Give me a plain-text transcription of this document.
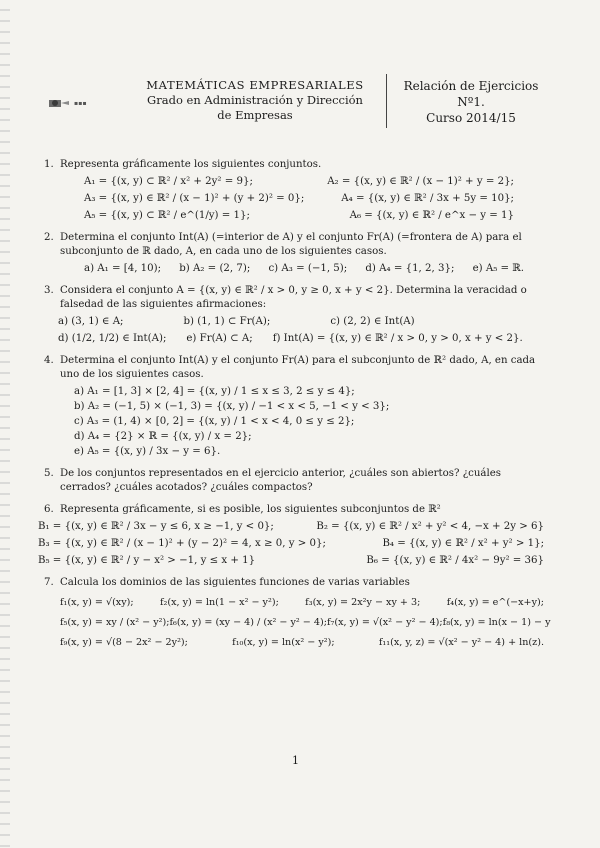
▪▪▪
MATEMÁTICAS EMPRESARIALES
Grado en Administración y Dirección de Empresas
Relación de Ejercicios
Nº1.
Curso 2014/15
1. Representa gráficamente los siguientes conjuntos.
A₁ = {(x, y) ⊂ ℝ² / x² + 2y² = 9};	A₂ = {(x, y) ∈ ℝ² / (x − 1)² + y = 2};
A₃ = {(x, y) ∈ ℝ² / (x − 1)² + (y + 2)² = 0};	A₄ = {(x, y) ∈ ℝ² / 3x + 5y = 10};
A₅ = {(x, y) ⊂ ℝ² / e^(1/y) = 1};	A₆ = {(x, y) ∈ ℝ² / e^x − y = 1}
2. Determina el conjunto Int(A) (=interior de A) y el conjunto Fr(A) (=frontera de A) para el subconjunto de ℝ dado, A, en cada uno de los siguientes casos.
a) A₁ = [4, 10); b) A₂ = (2, 7); c) A₃ = (−1, 5); d) A₄ = {1, 2, 3}; e) A₅ = ℝ.
3. Considera el conjunto A = {(x, y) ∈ ℝ² / x > 0, y ≥ 0, x + y < 2}. Determina la veracidad o falsedad de las siguientes afirmaciones:
a) (3, 1) ∈ A;	b) (1, 1) ⊂ Fr(A);	c) (2, 2) ∈ Int(A)
d) (1/2, 1/2) ∈ Int(A); e) Fr(A) ⊂ A; f) Int(A) = {(x, y) ∈ ℝ² / x > 0, y > 0, x + y < 2}.
4. Determina el conjunto Int(A) y el conjunto Fr(A) para el subconjunto de ℝ² dado, A, en cada uno de los siguientes casos.
a) A₁ = [1, 3] × [2, 4] = {(x, y) / 1 ≤ x ≤ 3, 2 ≤ y ≤ 4};
b) A₂ = (−1, 5) × (−1, 3) = {(x, y) / −1 < x < 5, −1 < y < 3};
c) A₃ = (1, 4) × [0, 2] = {(x, y) / 1 < x < 4, 0 ≤ y ≤ 2};
d) A₄ = {2} × ℝ = {(x, y) / x = 2};
e) A₅ = {(x, y) / 3x − y = 6}.
5. De los conjuntos representados en el ejercicio anterior, ¿cuáles son abiertos? ¿cuáles cerrados? ¿cuáles acotados? ¿cuáles compactos?
6. Representa gráficamente, si es posible, los siguientes subconjuntos de ℝ²
B₁ = {(x, y) ∈ ℝ² / 3x − y ≤ 6, x ≥ −1, y < 0};	B₂ = {(x, y) ∈ ℝ² / x² + y² < 4, −x + 2y > 6}
B₃ = {(x, y) ∈ ℝ² / (x − 1)² + (y − 2)² = 4, x ≥ 0, y > 0};	B₄ = {(x, y) ∈ ℝ² / x² + y² > 1};
B₅ = {(x, y) ∈ ℝ² / y − x² > −1, y ≤ x + 1}	B₆ = {(x, y) ∈ ℝ² / 4x² − 9y² = 36}
7. Calcula los dominios de las siguientes funciones de varias variables
f₁(x, y) = √(xy);	f₂(x, y) = ln(1 − x² − y²);	f₃(x, y) = 2x²y − xy + 3;	f₄(x, y) = e^(−x+y);
f₅(x, y) = xy / (x² − y²); f₆(x, y) = (xy − 4) / (x² − y² − 4); f₇(x, y) = √(x² − y² − 4); f₈(x, y) = ln(x − 1) − y
f₉(x, y) = √(8 − 2x² − 2y²);	f₁₀(x, y) = ln(x² − y²);	f₁₁(x, y, z) = √(x² − y² − 4) + ln(z).
1
